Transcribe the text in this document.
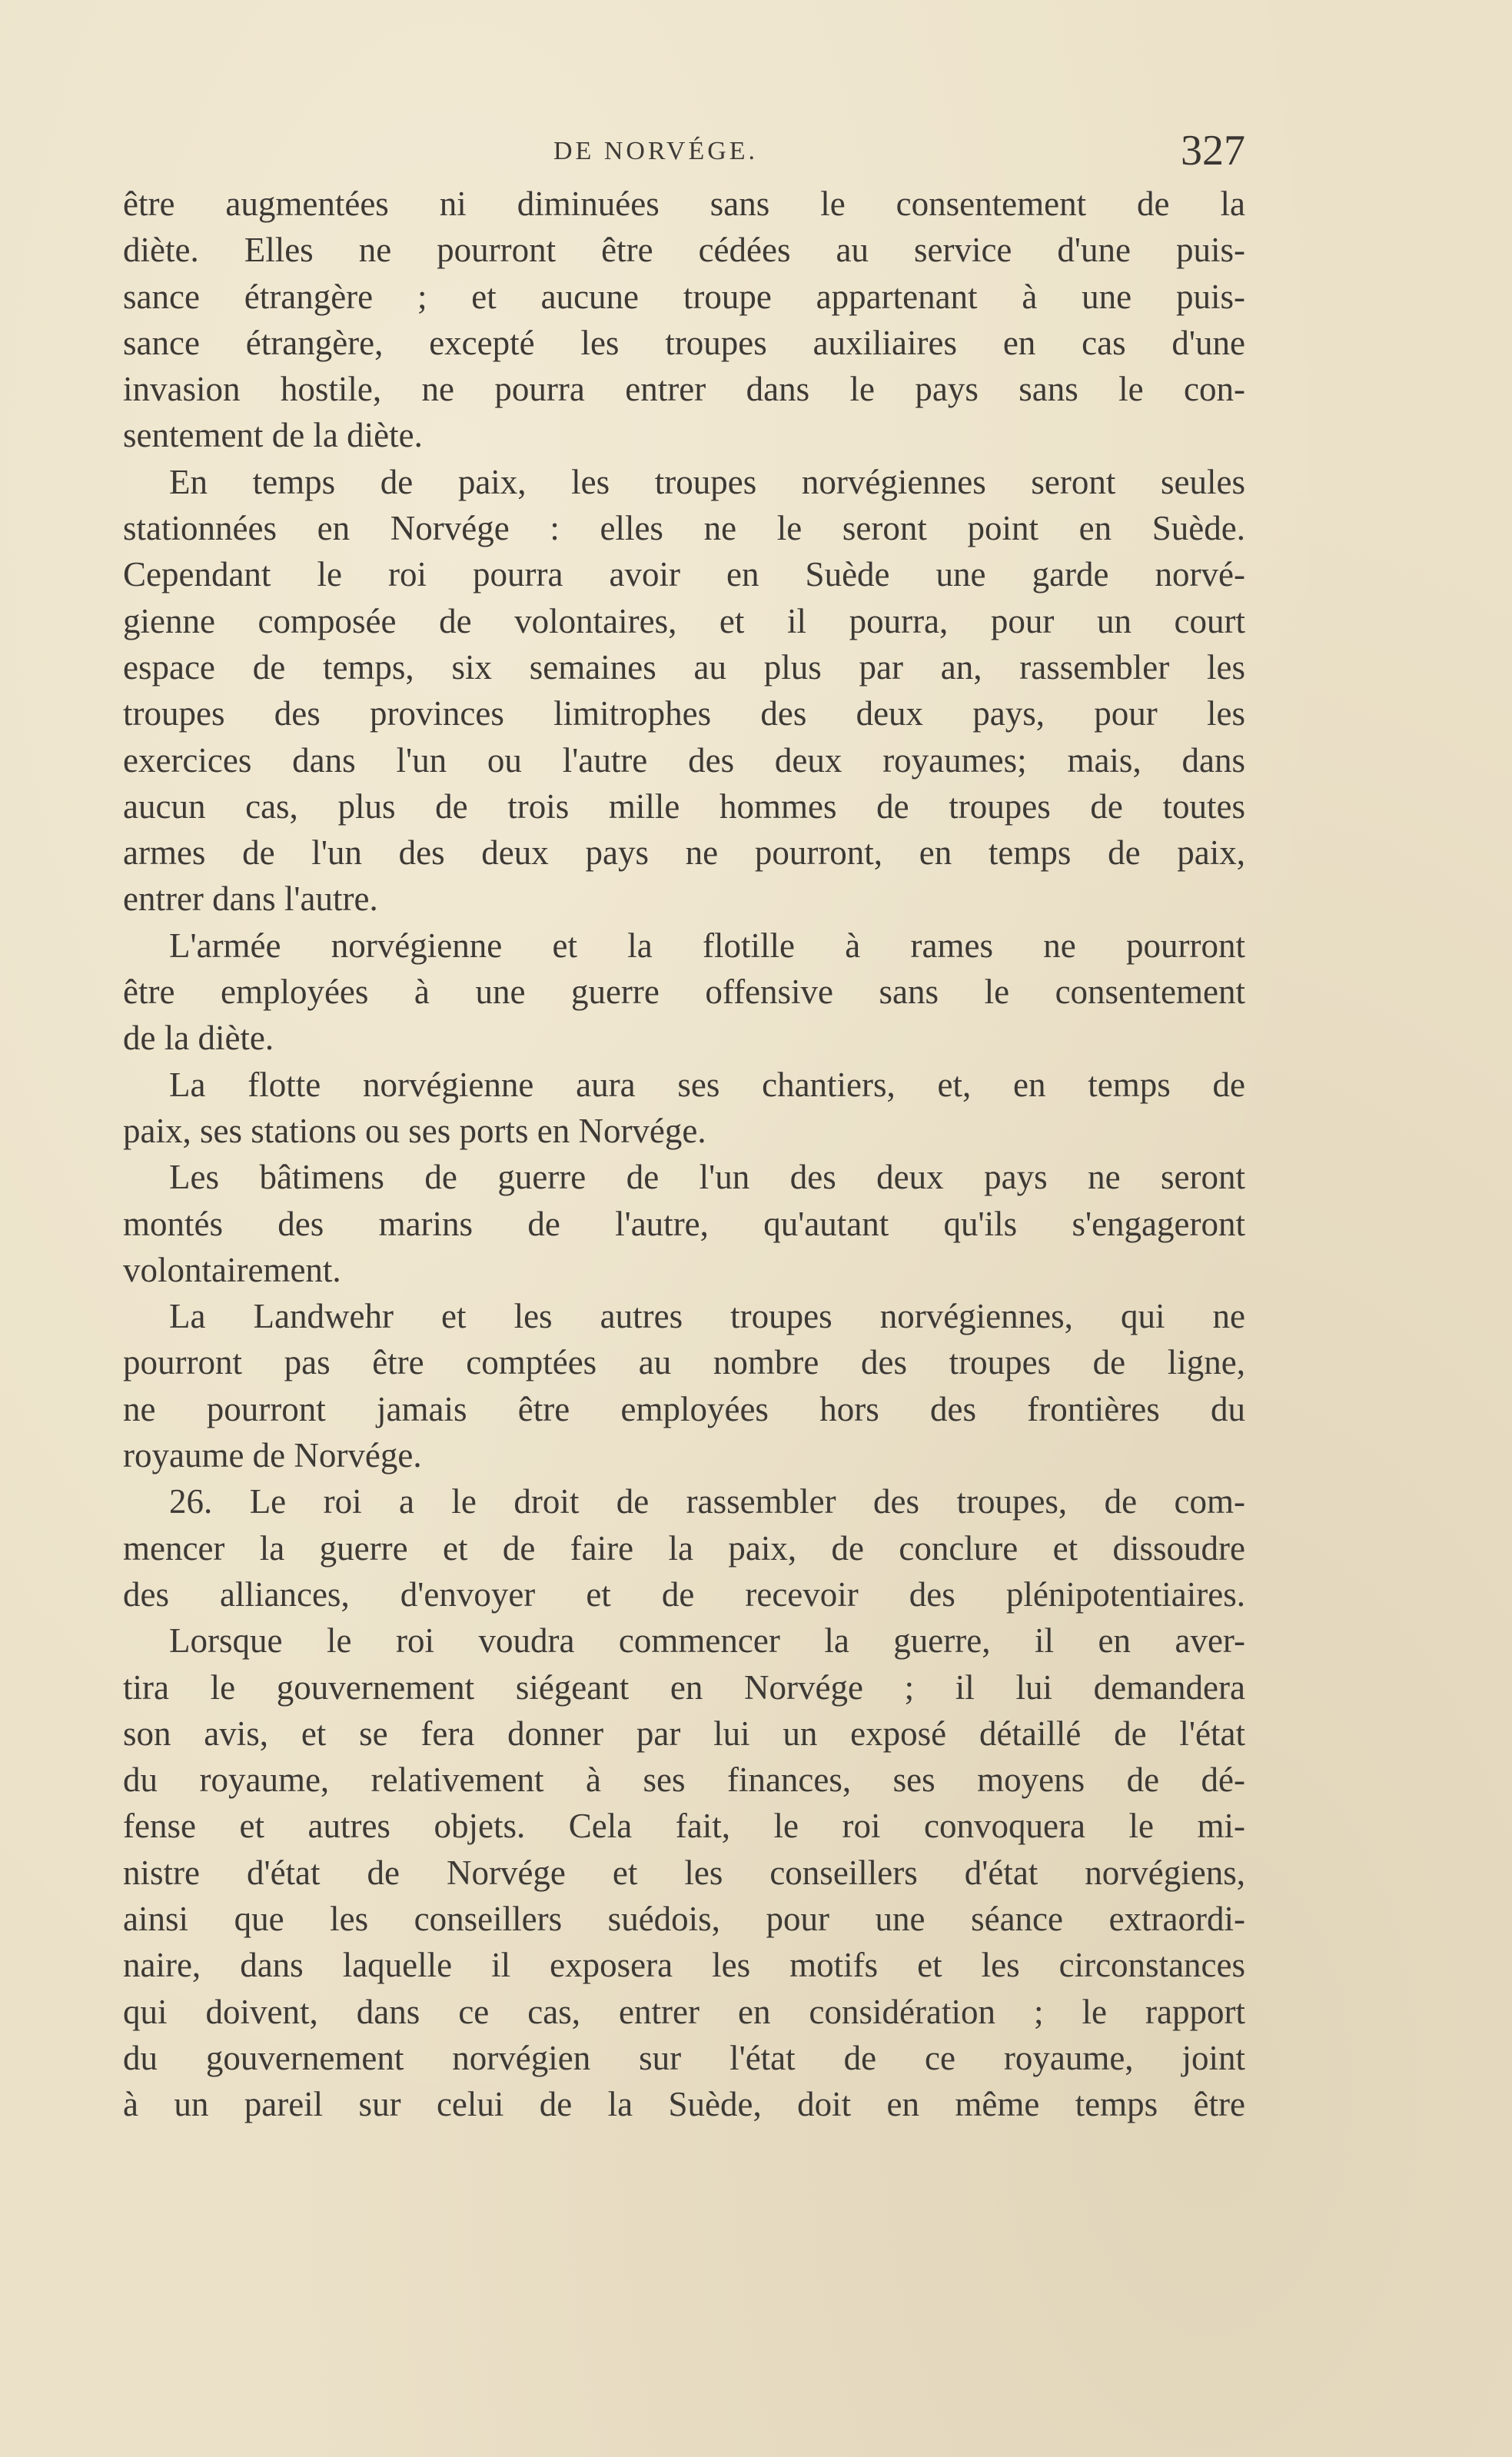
DE NORVÉGE.	327
être augmentées ni diminuées sans le consentement de la
diète. Elles ne pourront être cédées au service d'une puis-
sance étrangère ; et aucune troupe appartenant à une puis-
sance étrangère, excepté les troupes auxiliaires en cas d'une
invasion hostile, ne pourra entrer dans le pays sans le con-
sentement de la diète.
En temps de paix, les troupes norvégiennes seront seules
stationnées en Norvége : elles ne le seront point en Suède.
Cependant le roi pourra avoir en Suède une garde norvé-
gienne composée de volontaires, et il pourra, pour un court
espace de temps, six semaines au plus par an, rassembler les
troupes des provinces limitrophes des deux pays, pour les
exercices dans l'un ou l'autre des deux royaumes; mais, dans
aucun cas, plus de trois mille hommes de troupes de toutes
armes de l'un des deux pays ne pourront, en temps de paix,
entrer dans l'autre.
L'armée norvégienne et la flotille à rames ne pourront
être employées à une guerre offensive sans le consentement
de la diète.
La flotte norvégienne aura ses chantiers, et, en temps de
paix, ses stations ou ses ports en Norvége.
Les bâtimens de guerre de l'un des deux pays ne seront
montés des marins de l'autre, qu'autant qu'ils s'engageront
volontairement.
La Landwehr et les autres troupes norvégiennes, qui ne
pourront pas être comptées au nombre des troupes de ligne,
ne pourront jamais être employées hors des frontières du
royaume de Norvége.
26. Le roi a le droit de rassembler des troupes, de com-
mencer la guerre et de faire la paix, de conclure et dissoudre
des alliances, d'envoyer et de recevoir des plénipotentiaires.
Lorsque le roi voudra commencer la guerre, il en aver-
tira le gouvernement siégeant en Norvége ; il lui demandera
son avis, et se fera donner par lui un exposé détaillé de l'état
du royaume, relativement à ses finances, ses moyens de dé-
fense et autres objets. Cela fait, le roi convoquera le mi-
nistre d'état de Norvége et les conseillers d'état norvégiens,
ainsi que les conseillers suédois, pour une séance extraordi-
naire, dans laquelle il exposera les motifs et les circonstances
qui doivent, dans ce cas, entrer en considération ; le rapport
du gouvernement norvégien sur l'état de ce royaume, joint
à un pareil sur celui de la Suède, doit en même temps être
